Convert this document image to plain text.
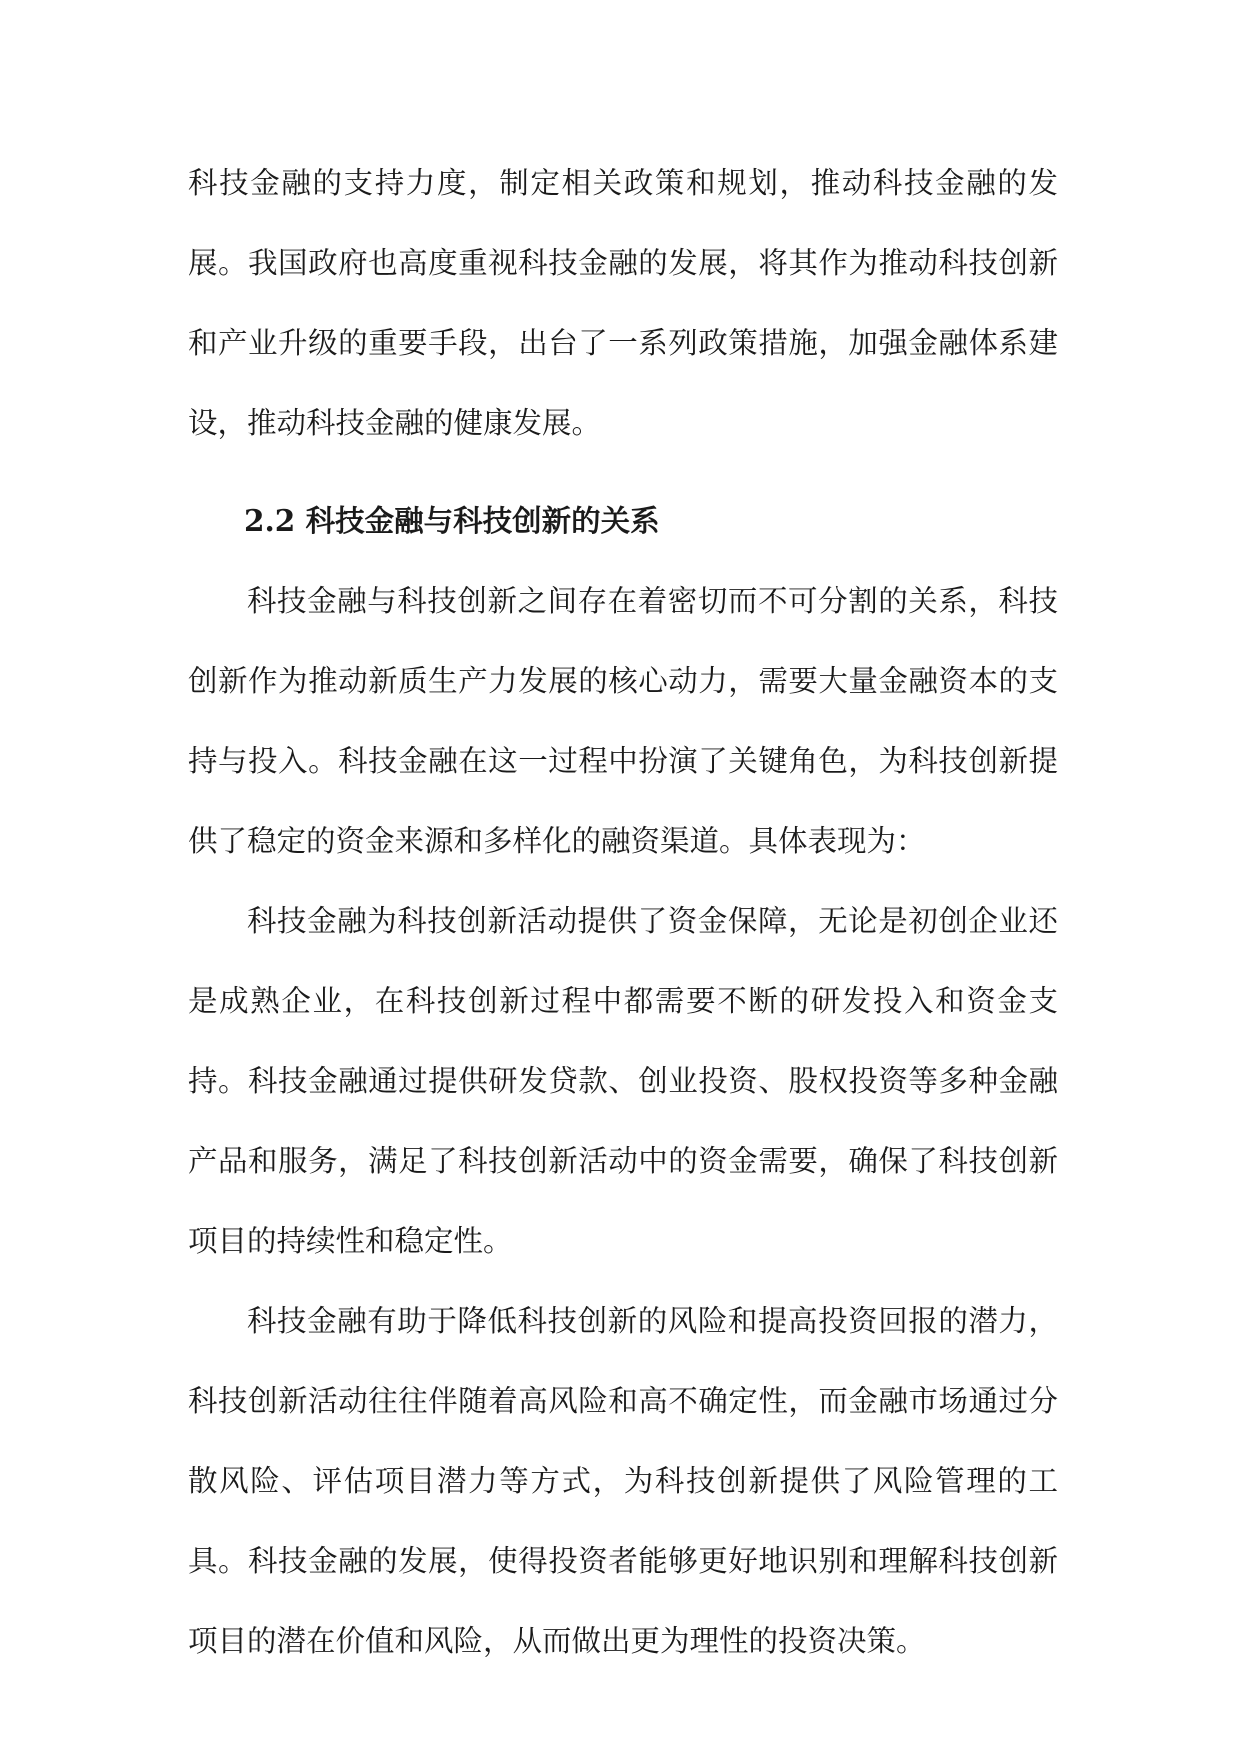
科技金融的支持力度，制定相关政策和规划，推动科技金融的发展。我国政府也高度重视科技金融的发展，将其作为推动科技创新和产业升级的重要手段，出台了一系列政策措施，加强金融体系建设，推动科技金融的健康发展。

2.2 科技金融与科技创新的关系

科技金融与科技创新之间存在着密切而不可分割的关系，科技创新作为推动新质生产力发展的核心动力，需要大量金融资本的支持与投入。科技金融在这一过程中扮演了关键角色，为科技创新提供了稳定的资金来源和多样化的融资渠道。具体表现为：

科技金融为科技创新活动提供了资金保障，无论是初创企业还是成熟企业，在科技创新过程中都需要不断的研发投入和资金支持。科技金融通过提供研发贷款、创业投资、股权投资等多种金融产品和服务，满足了科技创新活动中的资金需要，确保了科技创新项目的持续性和稳定性。

科技金融有助于降低科技创新的风险和提高投资回报的潜力，科技创新活动往往伴随着高风险和高不确定性，而金融市场通过分散风险、评估项目潜力等方式，为科技创新提供了风险管理的工具。科技金融的发展，使得投资者能够更好地识别和理解科技创新项目的潜在价值和风险，从而做出更为理性的投资决策。
